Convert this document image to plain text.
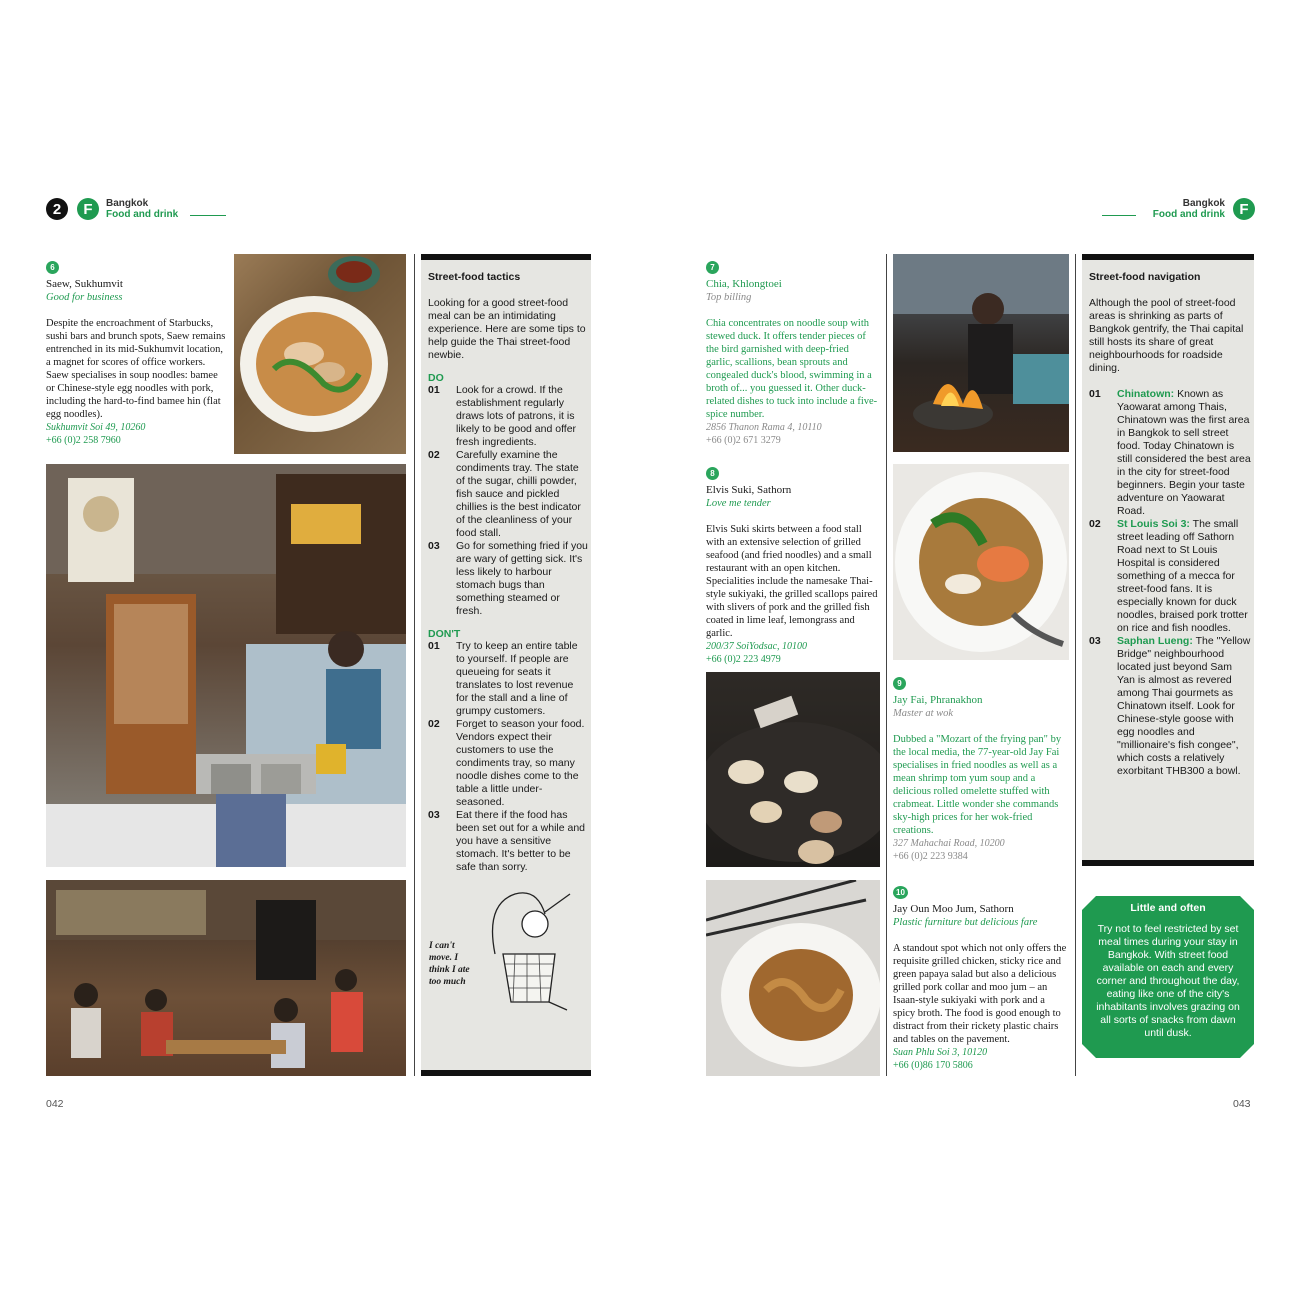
2	F	Bangkok
Food and drink
6
Saew, Sukhumvit
Good for business
Despite the encroachment of Starbucks, sushi bars and brunch spots, Saew remains entrenched in its mid-Sukhumvit location, a magnet for scores of office workers. Saew specialises in soup noodles: bamee or Chinese-style egg noodles with pork, including the hard-to-find bamee hin (flat egg noodles).
Sukhumvit Soi 49, 10260
+66 (0)2 258 7960
Street-food tactics
Looking for a good street-food meal can be an intimidating experience. Here are some tips to help guide the Thai street-food newbie.
DO
01	Look for a crowd. If the establishment regularly draws lots of patrons, it is likely to be good and offer fresh ingredients.
02	Carefully examine the condiments tray. The state of the sugar, chilli powder, fish sauce and pickled chillies is the best indicator of the cleanliness of your food stall.
03	Go for something fried if you are wary of getting sick. It's less likely to harbour stomach bugs than something steamed or fresh.
DON'T
01	Try to keep an entire table to yourself. If people are queueing for seats it translates to lost revenue for the stall and a line of grumpy customers.
02	Forget to season your food. Vendors expect their customers to use the condiments tray, so many noodle dishes come to the table a little under-seasoned.
03	Eat there if the food has been set out for a while and you have a sensitive stomach. It's better to be safe than sorry.
I can't move. I think I ate too much
042
Bangkok
Food and drink F
7
Chia, Khlongtoei
Top billing
Chia concentrates on noodle soup with stewed duck. It offers tender pieces of the bird garnished with deep-fried garlic, scallions, bean sprouts and congealed duck's blood, swimming in a broth of... you guessed it. Other duck-related dishes to tuck into include a five-spice number.
2856 Thanon Rama 4, 10110
+66 (0)2 671 3279
8
Elvis Suki, Sathorn
Love me tender
Elvis Suki skirts between a food stall with an extensive selection of grilled seafood (and fried noodles) and a small restaurant with an open kitchen. Specialities include the namesake Thai-style sukiyaki, the grilled scallops paired with slivers of pork and the grilled fish coated in lime leaf, lemongrass and garlic.
200/37 SoiYodsac, 10100
+66 (0)2 223 4979
9
Jay Fai, Phranakhon
Master at wok
Dubbed a "Mozart of the frying pan" by the local media, the 77-year-old Jay Fai specialises in fried noodles as well as a mean shrimp tom yum soup and a delicious rolled omelette stuffed with crabmeat. Little wonder she commands sky-high prices for her wok-fried creations.
327 Mahachai Road, 10200
+66 (0)2 223 9384
10
Jay Oun Moo Jum, Sathorn
Plastic furniture but delicious fare
A standout spot which not only offers the requisite grilled chicken, sticky rice and green papaya salad but also a delicious grilled pork collar and moo jum – an Isaan-style sukiyaki with pork and a spicy broth. The food is good enough to distract from their rickety plastic chairs and tables on the pavement.
Suan Phlu Soi 3, 10120
+66 (0)86 170 5806
Street-food navigation
Although the pool of street-food areas is shrinking as parts of Bangkok gentrify, the Thai capital still hosts its share of great neighbourhoods for roadside dining.
01	Chinatown: Known as Yaowarat among Thais, Chinatown was the first area in Bangkok to sell street food. Today Chinatown is still considered the best area in the city for street-food beginners. Begin your taste adventure on Yaowarat Road.
02	St Louis Soi 3: The small street leading off Sathorn Road next to St Louis Hospital is considered something of a mecca for street-food fans. It is especially known for duck noodles, braised pork trotter on rice and fish noodles.
03	Saphan Lueng: The "Yellow Bridge" neighbourhood located just beyond Sam Yan is almost as revered among Thai gourmets as Chinatown itself. Look for Chinese-style goose with egg noodles and "millionaire's fish congee", which costs a relatively exorbitant THB300 a bowl.
Little and often
Try not to feel restricted by set meal times during your stay in Bangkok. With street food available on each and every corner and throughout the day, eating like one of the city's inhabitants involves grazing on all sorts of snacks from dawn until dusk.
043
